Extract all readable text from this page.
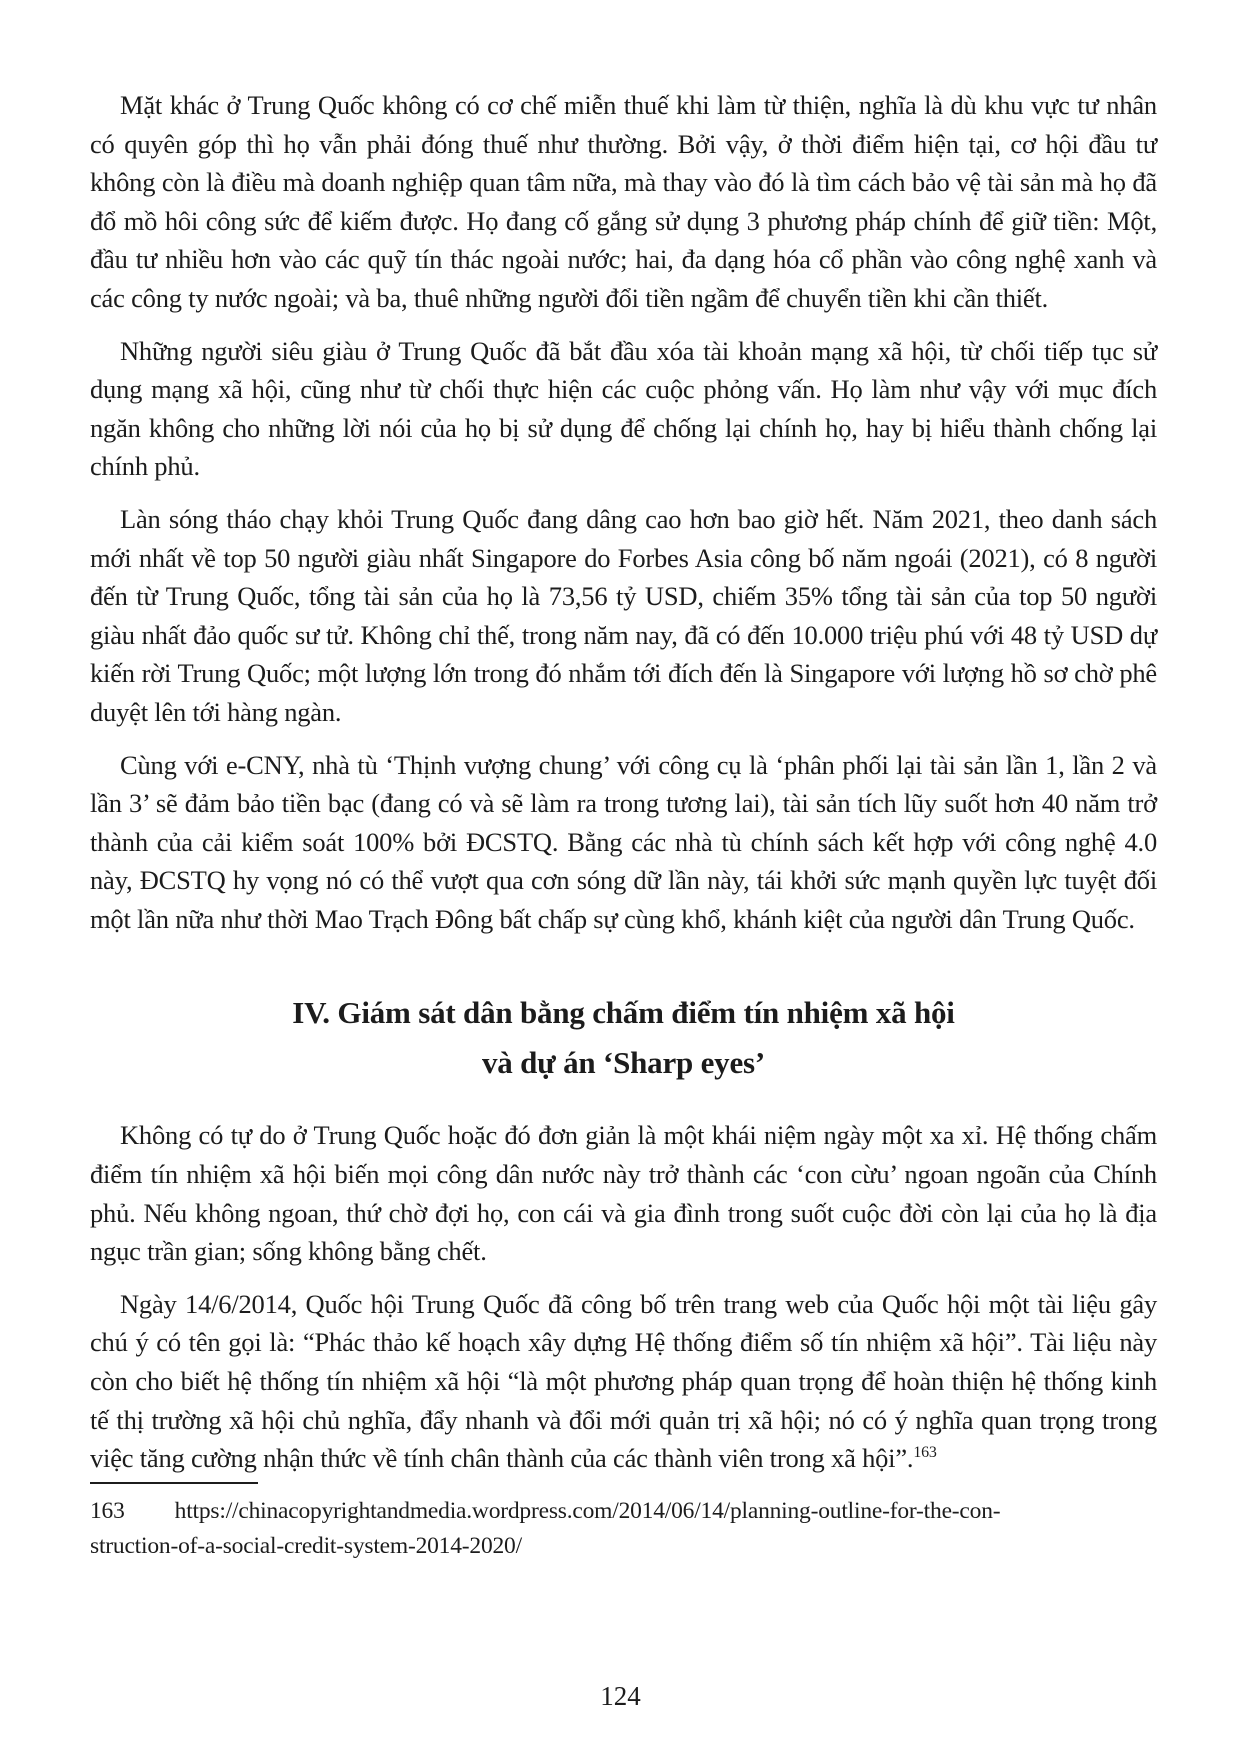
Mặt khác ở Trung Quốc không có cơ chế miễn thuế khi làm từ thiện, nghĩa là dù khu vực tư nhân có quyên góp thì họ vẫn phải đóng thuế như thường. Bởi vậy, ở thời điểm hiện tại, cơ hội đầu tư không còn là điều mà doanh nghiệp quan tâm nữa, mà thay vào đó là tìm cách bảo vệ tài sản mà họ đã đổ mồ hôi công sức để kiếm được. Họ đang cố gắng sử dụng 3 phương pháp chính để giữ tiền: Một, đầu tư nhiều hơn vào các quỹ tín thác ngoài nước; hai, đa dạng hóa cổ phần vào công nghệ xanh và các công ty nước ngoài; và ba, thuê những người đổi tiền ngầm để chuyển tiền khi cần thiết.

Những người siêu giàu ở Trung Quốc đã bắt đầu xóa tài khoản mạng xã hội, từ chối tiếp tục sử dụng mạng xã hội, cũng như từ chối thực hiện các cuộc phỏng vấn. Họ làm như vậy với mục đích ngăn không cho những lời nói của họ bị sử dụng để chống lại chính họ, hay bị hiểu thành chống lại chính phủ.

Làn sóng tháo chạy khỏi Trung Quốc đang dâng cao hơn bao giờ hết. Năm 2021, theo danh sách mới nhất về top 50 người giàu nhất Singapore do Forbes Asia công bố năm ngoái (2021), có 8 người đến từ Trung Quốc, tổng tài sản của họ là 73,56 tỷ USD, chiếm 35% tổng tài sản của top 50 người giàu nhất đảo quốc sư tử. Không chỉ thế, trong năm nay, đã có đến 10.000 triệu phú với 48 tỷ USD dự kiến rời Trung Quốc; một lượng lớn trong đó nhắm tới đích đến là Singapore với lượng hồ sơ chờ phê duyệt lên tới hàng ngàn.

Cùng với e-CNY, nhà tù ‘Thịnh vượng chung’ với công cụ là ‘phân phối lại tài sản lần 1, lần 2 và lần 3’ sẽ đảm bảo tiền bạc (đang có và sẽ làm ra trong tương lai), tài sản tích lũy suốt hơn 40 năm trở thành của cải kiểm soát 100% bởi ĐCSTQ. Bằng các nhà tù chính sách kết hợp với công nghệ 4.0 này, ĐCSTQ hy vọng nó có thể vượt qua cơn sóng dữ lần này, tái khởi sức mạnh quyền lực tuyệt đối một lần nữa như thời Mao Trạch Đông bất chấp sự cùng khổ, khánh kiệt của người dân Trung Quốc.

IV. Giám sát dân bằng chấm điểm tín nhiệm xã hội
và dự án ‘Sharp eyes’

Không có tự do ở Trung Quốc hoặc đó đơn giản là một khái niệm ngày một xa xỉ. Hệ thống chấm điểm tín nhiệm xã hội biến mọi công dân nước này trở thành các ‘con cừu’ ngoan ngoãn của Chính phủ. Nếu không ngoan, thứ chờ đợi họ, con cái và gia đình trong suốt cuộc đời còn lại của họ là địa ngục trần gian; sống không bằng chết.

Ngày 14/6/2014, Quốc hội Trung Quốc đã công bố trên trang web của Quốc hội một tài liệu gây chú ý có tên gọi là: “Phác thảo kế hoạch xây dựng Hệ thống điểm số tín nhiệm xã hội”. Tài liệu này còn cho biết hệ thống tín nhiệm xã hội “là một phương pháp quan trọng để hoàn thiện hệ thống kinh tế thị trường xã hội chủ nghĩa, đẩy nhanh và đổi mới quản trị xã hội; nó có ý nghĩa quan trọng trong việc tăng cường nhận thức về tính chân thành của các thành viên trong xã hội”.$^{163}$

163 https://chinacopyrightandmedia.wordpress.com/2014/06/14/planning-outline-for-the-con-
struction-of-a-social-credit-system-2014-2020/
124
